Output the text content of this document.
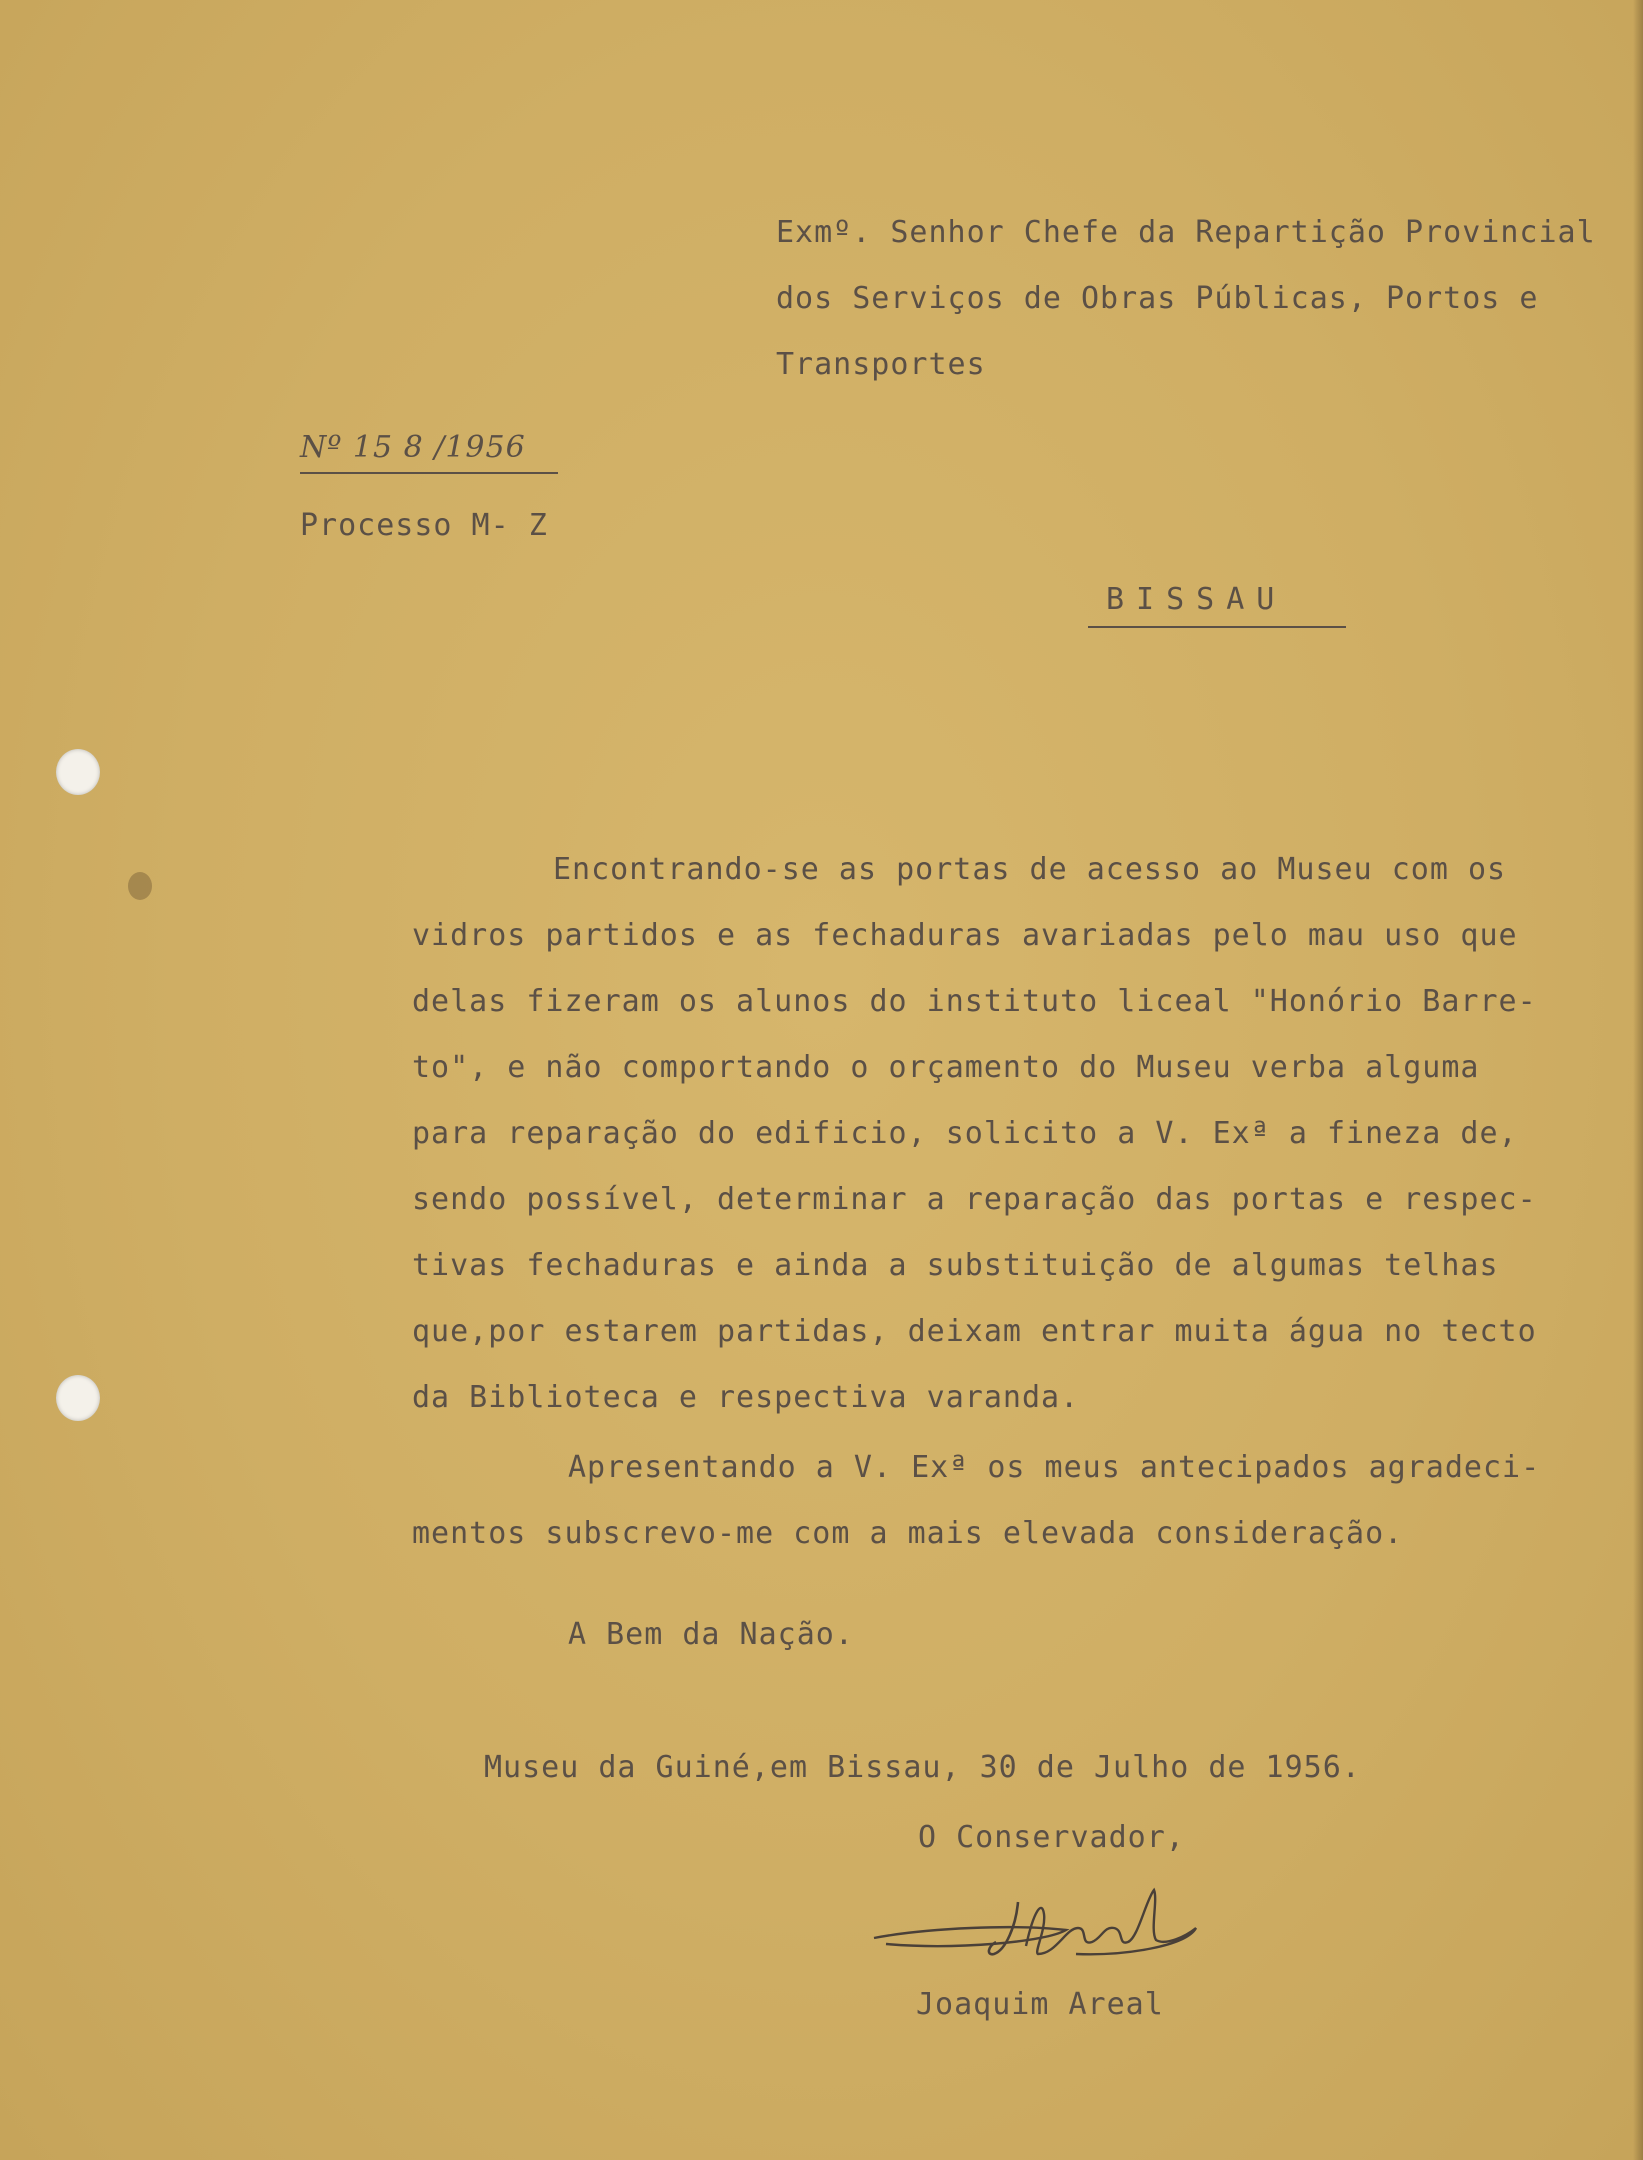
Exmº. Senhor Chefe da Repartição Provincial
dos Serviços de Obras Públicas, Portos e
Transportes
Nº 15 8 /1956
Processo M- Z
BISSAU
Encontrando-se as portas de acesso ao Museu com os
vidros partidos e as fechaduras avariadas pelo mau uso que
delas fizeram os alunos do instituto liceal "Honório Barre-
to", e não comportando o orçamento do Museu verba alguma
para reparação do edificio, solicito a V. Exª a fineza de,
sendo possível, determinar a reparação das portas e respec-
tivas fechaduras e ainda a substituição de algumas telhas
que,por estarem partidas, deixam entrar muita água no tecto
da Biblioteca e respectiva varanda.
Apresentando a V. Exª os meus antecipados agradeci-
mentos subscrevo-me com a mais elevada consideração.
A Bem da Nação.
Museu da Guiné,em Bissau, 30 de Julho de 1956.
O Conservador,
Joaquim Areal
